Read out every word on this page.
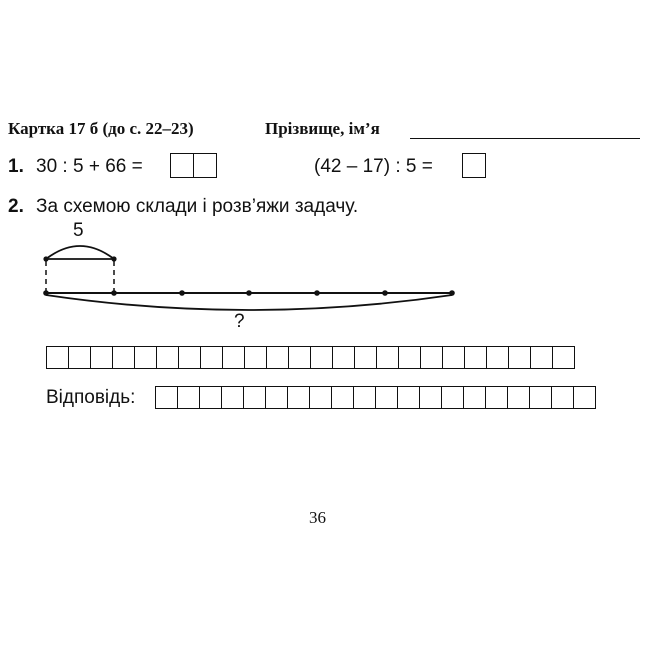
Картка 17 б (до с. 22–23)	Прізвище, ім’я
1. 30 : 5 + 66 =	(42 – 17) : 5 =
2. За схемою склади і розв’яжи задачу.
5
?
Відповідь:
36
